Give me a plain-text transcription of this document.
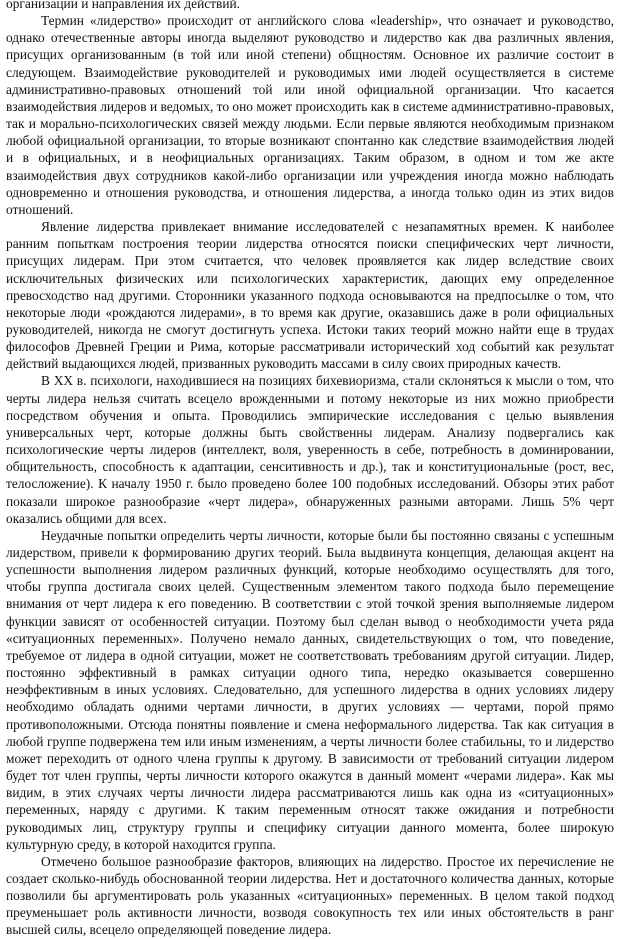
организации и направления их действий.

Термин «лидерство» происходит от английского слова «leadership», что означает и руководство, однако отечественные авторы иногда выделяют руководство и лидерство как два различных явления, присущих организованным (в той или иной степени) общностям. Основное их различие состоит в следующем. Взаимодействие руководителей и руководимых ими людей осуществляется в системе административно-правовых отношений той или иной официальной организации. Что касается взаимодействия лидеров и ведомых, то оно может происходить как в системе административно-правовых, так и морально-психологических связей между людьми. Если первые являются необходимым признаком любой официальной организации, то вторые возникают спонтанно как следствие взаимодействия людей и в официальных, и в неофициальных организациях. Таким образом, в одном и том же акте взаимодействия двух сотрудников какой-либо организации или учреждения иногда можно наблюдать одновременно и отношения руководства, и отношения лидерства, а иногда только один из этих видов отношений.

Явление лидерства привлекает внимание исследователей с незапамятных времен. К наиболее ранним попыткам построения теории лидерства относятся поиски специфических черт личности, присущих лидерам. При этом считается, что человек проявляется как лидер вследствие своих исключительных физических или психологических характеристик, дающих ему определенное превосходство над другими. Сторонники указанного подхода основываются на предпосылке о том, что некоторые люди «рождаются лидерами», в то время как другие, оказавшись даже в роли официальных руководителей, никогда не смогут достигнуть успеха. Истоки таких теорий можно найти еще в трудах философов Древней Греции и Рима, которые рассматривали исторический ход событий как результат действий выдающихся людей, призванных руководить массами в силу своих природных качеств.

В XX в. психологи, находившиеся на позициях бихевиоризма, стали склоняться к мысли о том, что черты лидера нельзя считать всецело врожденными и потому некоторые из них можно приобрести посредством обучения и опыта. Проводились эмпирические исследования с целью выявления универсальных черт, которые должны быть свойственны лидерам. Анализу подвергались как психологические черты лидеров (интеллект, воля, уверенность в себе, потребность в доминировании, общительность, способность к адаптации, сенситивность и др.), так и конституциональные (рост, вес, телосложение). К началу 1950 г. было проведено более 100 подобных исследований. Обзоры этих работ показали широкое разнообразие «черт лидера», обнаруженных разными авторами. Лишь 5% черт оказались общими для всех.

Неудачные попытки определить черты личности, которые были бы постоянно связаны с успешным лидерством, привели к формированию других теорий. Была выдвинута концепция, делающая акцент на успешности выполнения лидером различных функций, которые необходимо осуществлять для того, чтобы группа достигала своих целей. Существенным элементом такого подхода было перемещение внимания от черт лидера к его поведению. В соответствии с этой точкой зрения выполняемые лидером функции зависят от особенностей ситуации. Поэтому был сделан вывод о необходимости учета ряда «ситуационных переменных». Получено немало данных, свидетельствующих о том, что поведение, требуемое от лидера в одной ситуации, может не соответствовать требованиям другой ситуации. Лидер, постоянно эффективный в рамках ситуации одного типа, нередко оказывается совершенно неэффективным в иных условиях. Следовательно, для успешного лидерства в одних условиях лидеру необходимо обладать одними чертами личности, в других условиях — чертами, порой прямо противоположными. Отсюда понятны появление и смена неформального лидерства. Так как ситуация в любой группе подвержена тем или иным изменениям, а черты личности более стабильны, то и лидерство может переходить от одного члена группы к другому. В зависимости от требований ситуации лидером будет тот член группы, черты личности которого окажутся в данный момент «черами лидера». Как мы видим, в этих случаях черты личности лидера рассматриваются лишь как одна из «ситуационных» переменных, наряду с другими. К таким переменным относят также ожидания и потребности руководимых лиц, структуру группы и специфику ситуации данного момента, более широкую культурную среду, в которой находится группа.

Отмечено большое разнообразие факторов, влияющих на лидерство. Простое их перечисление не создает сколько-нибудь обоснованной теории лидерства. Нет и достаточного количества данных, которые позволили бы аргументировать роль указанных «ситуационных» переменных. В целом такой подход преуменьшает роль активности личности, возводя совокупность тех или иных обстоятельств в ранг высшей силы, всецело определяющей поведение лидера.
